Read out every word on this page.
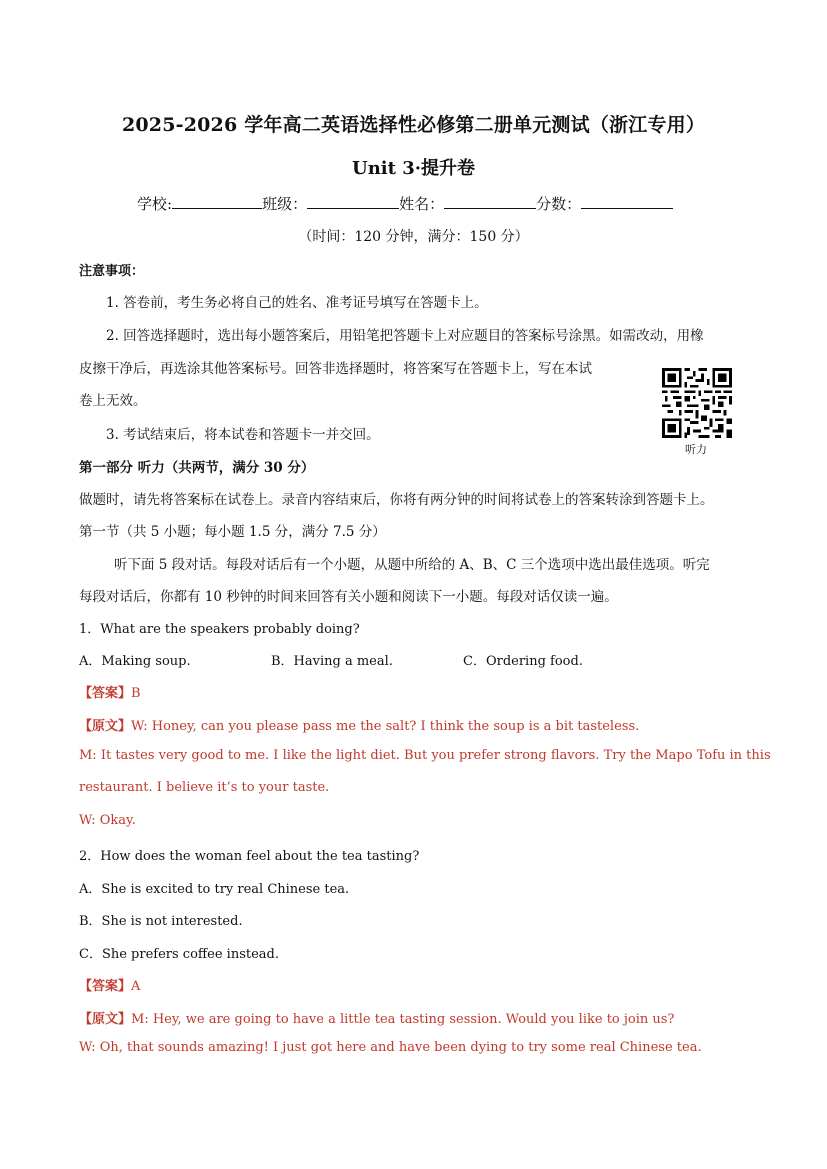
2025-2026 学年高二英语选择性必修第二册单元测试（浙江专用）
Unit 3·提升卷
学校:	班级：	姓名：	分数：
（时间：120 分钟，满分：150 分）
注意事项：
1. 答卷前，考生务必将自己的姓名、准考证号填写在答题卡上。
2. 回答选择题时，选出每小题答案后，用铅笔把答题卡上对应题目的答案标号涂黑。如需改动，用橡
皮擦干净后，再选涂其他答案标号。回答非选择题时，将答案写在答题卡上，写在本试
卷上无效。
3. 考试结束后，将本试卷和答题卡一并交回。
听力
第一部分 听力（共两节，满分 30 分）
做题时，请先将答案标在试卷上。录音内容结束后，你将有两分钟的时间将试卷上的答案转涂到答题卡上。
第一节（共 5 小题；每小题 1.5 分，满分 7.5 分）
听下面 5 段对话。每段对话后有一个小题，从题中所给的 A、B、C 三个选项中选出最佳选项。听完
每段对话后，你都有 10 秒钟的时间来回答有关小题和阅读下一小题。每段对话仅读一遍。
1．What are the speakers probably doing?
A．Making soup.	B．Having a meal.	C．Ordering food.
【答案】B
【原文】W: Honey, can you please pass me the salt? I think the soup is a bit tasteless.
M: It tastes very good to me. I like the light diet. But you prefer strong flavors. Try the Mapo Tofu in this
restaurant. I believe it’s to your taste.
W: Okay.
2．How does the woman feel about the tea tasting?
A．She is excited to try real Chinese tea.
B．She is not interested.
C．She prefers coffee instead.
【答案】A
【原文】M: Hey, we are going to have a little tea tasting session. Would you like to join us?
W: Oh, that sounds amazing! I just got here and have been dying to try some real Chinese tea.
